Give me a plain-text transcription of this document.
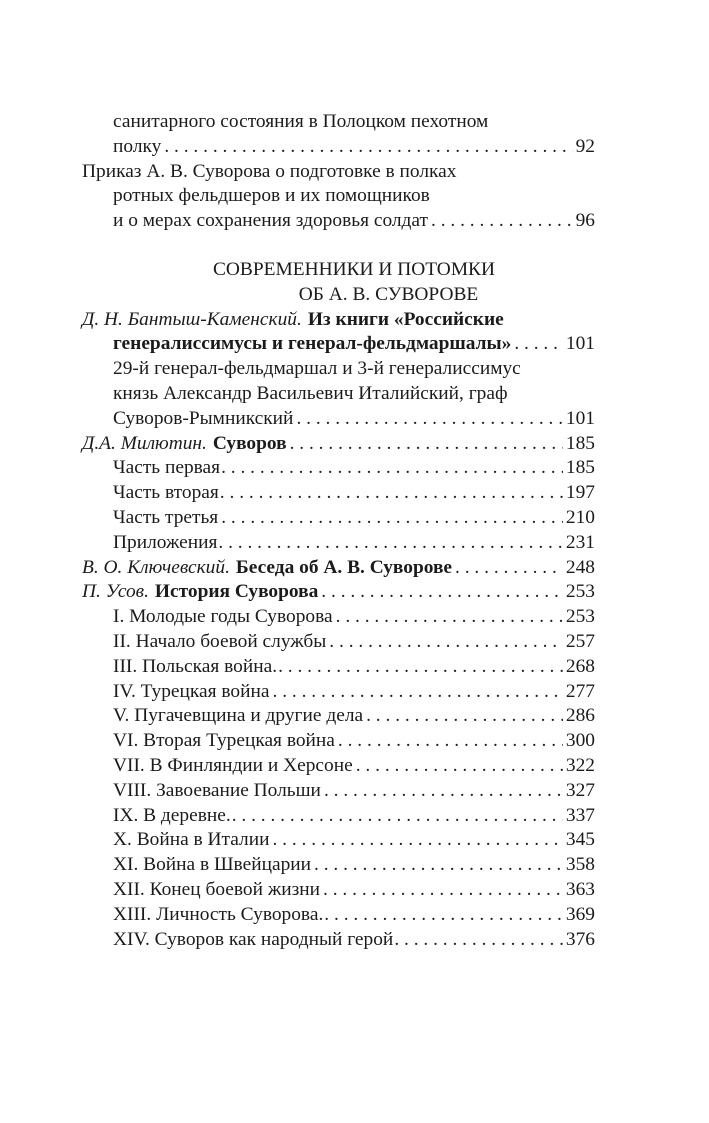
санитарного состояния в Полоцком пехотном
полку . . .	92
Приказ А. В. Суворова о подготовке в полках
ротных фельдшеров и их помощников
и о мерах сохранения здоровья солдат . . .	96
СОВРЕМЕННИКИ И ПОТОМКИ
ОБ А. В. СУВОРОВЕ
Д. Н. Бантыш-Каменский. Из книги «Российские
генералиссимусы и генерал-фельдмаршалы» . . .	101
29-й генерал-фельдмаршал и 3-й генералиссимус
князь Александр Васильевич Италийский, граф
Суворов-Рымникский . . .	101
Д.А. Милютин. Суворов . . .	185
Часть первая . . .	185
Часть вторая . . .	197
Часть третья . . .	210
Приложения . . .	231
В. О. Ключевский. Беседа об А. В. Суворове . . .	248
П. Усов. История Суворова . . .	253
I. Молодые годы Суворова . . .	253
II. Начало боевой службы . . .	257
III. Польская война. . . .	268
IV. Турецкая война . . .	277
V. Пугачевщина и другие дела . . .	286
VI. Вторая Турецкая война . . .	300
VII. В Финляндии и Херсоне . . .	322
VIII. Завоевание Польши . . .	327
IX. В деревне. . . .	337
X. Война в Италии . . .	345
XI. Война в Швейцарии . . .	358
XII. Конец боевой жизни . . .	363
XIII. Личность Суворова. . . .	369
XIV. Суворов как народный герой . . .	376
